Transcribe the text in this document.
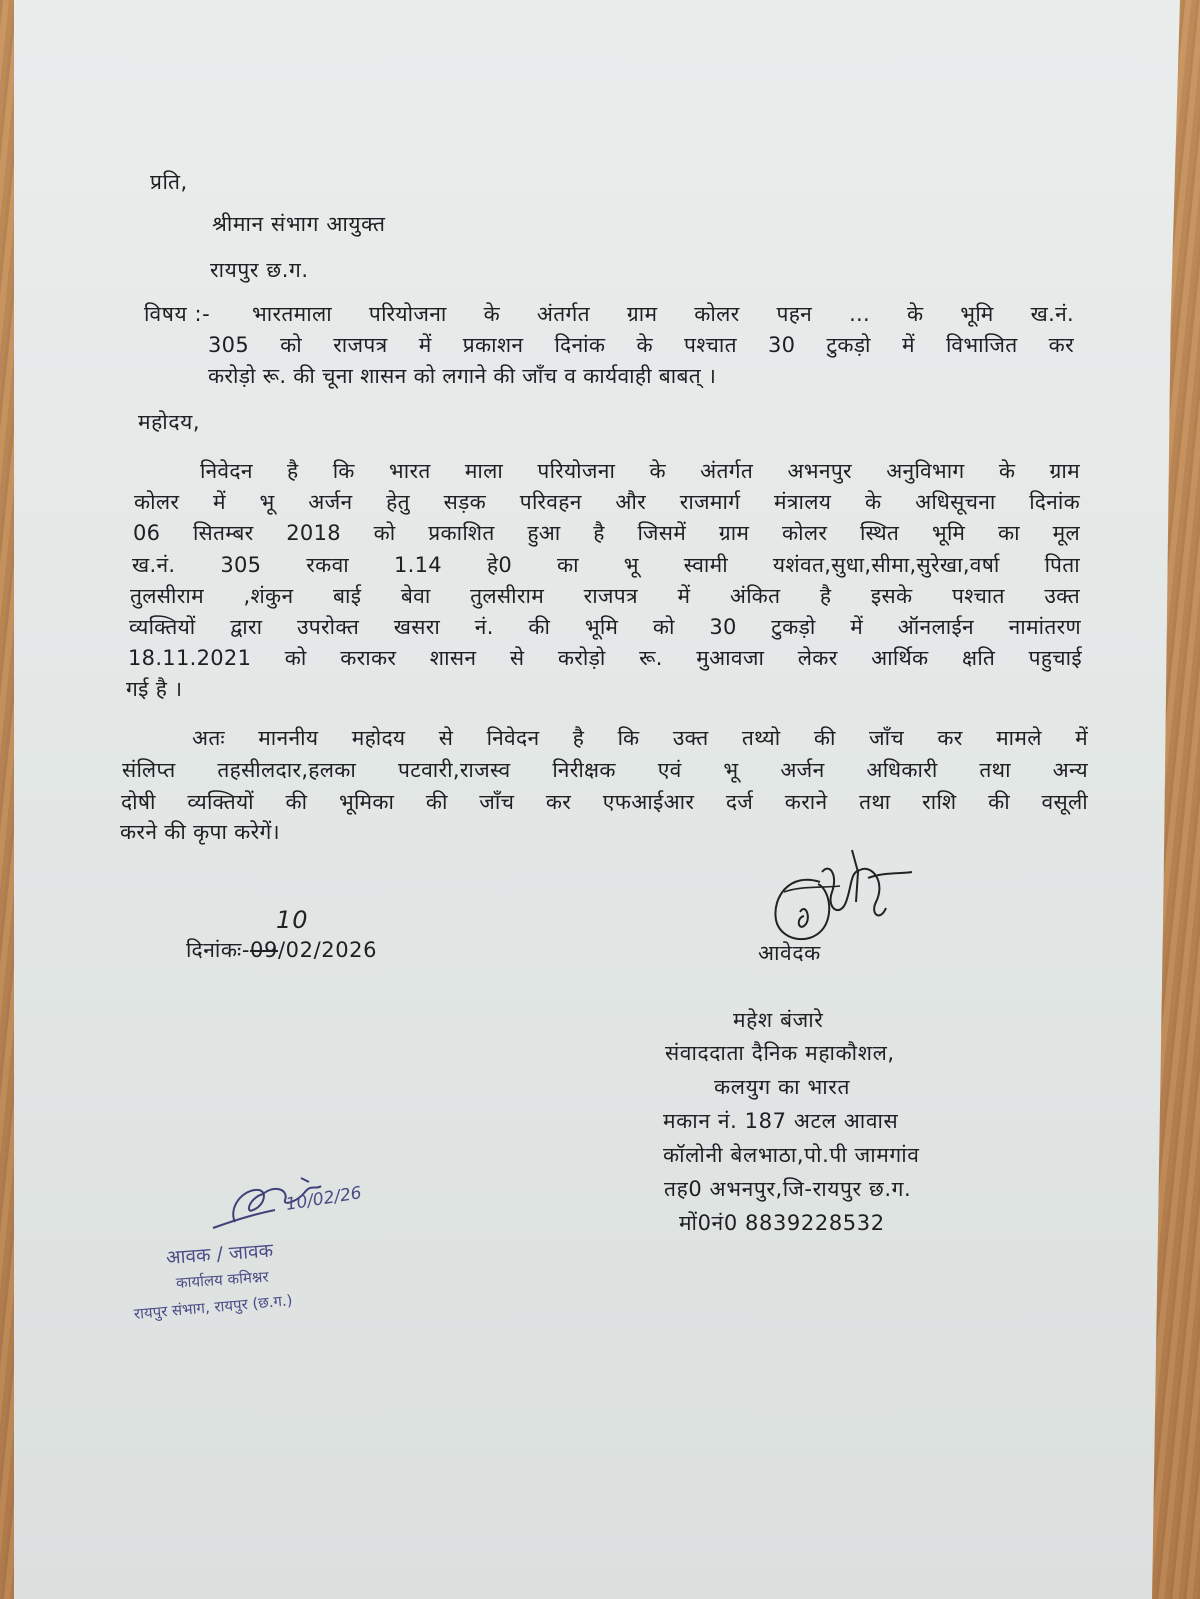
प्रति,
श्रीमान संभाग आयुक्त
रायपुर छ.ग.
विषय :- भारतमाला परियोजना के अंतर्गत ग्राम कोलर पहन ... के भूमि ख.नं.
305 को राजपत्र में प्रकाशन दिनांक के पश्चात 30 टुकड़ो में विभाजित कर
करोड़ो रू. की चूना शासन को लगाने की जॉंच व कार्यवाही बाबत् ।
महोदय,
निवेदन है कि भारत माला परियोजना के अंतर्गत अभनपुर अनुविभाग के ग्राम
कोलर में भू अर्जन हेतु सड़क परिवहन और राजमार्ग मंत्रालय के अधिसूचना दिनांक
06 सितम्बर 2018 को प्रकाशित हुआ है जिसमें ग्राम कोलर स्थित भूमि का मूल
ख.नं. 305 रकवा 1.14 हे0 का भू स्वामी यशंवत,सुधा,सीमा,सुरेखा,वर्षा पिता
तुलसीराम ,शंकुन बाई बेवा तुलसीराम राजपत्र में अंकित है इसके पश्चात उक्त
व्यक्तियों द्वारा उपरोक्त खसरा नं. की भूमि को 30 टुकड़ो में ऑनलाईन नामांतरण
18.11.2021 को कराकर शासन से करोड़ो रू. मुआवजा लेकर आर्थिक क्षति पहुचाई
गई है ।
अतः माननीय महोदय से निवेदन है कि उक्त तथ्यो की जॉंच कर मामले में
संलिप्त तहसीलदार,हलका पटवारी,राजस्व निरीक्षक एवं भू अर्जन अधिकारी तथा अन्य
दोषी व्यक्तियों की भूमिका की जॉंच कर एफआईआर दर्ज कराने तथा राशि की वसूली
करने की कृपा करेगें।
दिनांकः-09/02/2026
10
आवेदक
महेश बंजारे
संवाददाता दैनिक महाकौशल,
कलयुग का भारत
मकान नं. 187 अटल आवास
कॉलोनी बेलभाठा,पो.पी जामगांव
तह0 अभनपुर,जि-रायपुर छ.ग.
मों0नं0 8839228532
10/02/26
आवक / जावक
कार्यालय कमिश्नर
रायपुर संभाग, रायपुर (छ.ग.)
